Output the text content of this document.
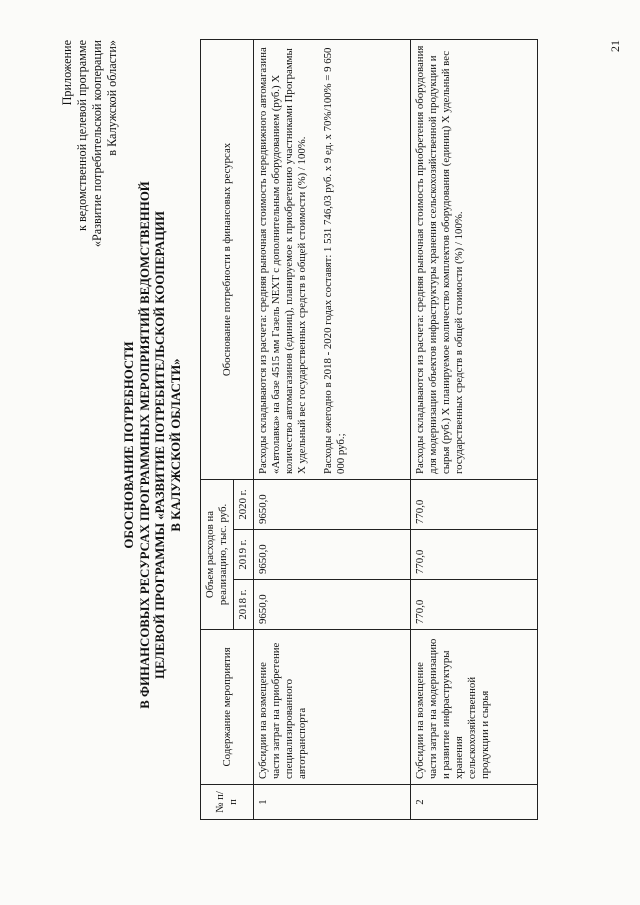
Приложение к ведомственной целевой программе «Развитие потребительской кооперации в Калужской области»
ОБОСНОВАНИЕ ПОТРЕБНОСТИ В ФИНАНСОВЫХ РЕСУРСАХ ПРОГРАММНЫХ МЕРОПРИЯТИЙ ВЕДОМСТВЕННОЙ ЦЕЛЕВОЙ ПРОГРАММЫ «РАЗВИТИЕ ПОТРЕБИТЕЛЬСКОЙ КООПЕРАЦИИ В КАЛУЖСКОЙ ОБЛАСТИ»
№ п/п	Содержание мероприятия	Объем расходов на реализацию, тыс. руб.			Обоснование потребности в финансовых ресурсах
		2018 г.	2019 г.	2020 г.	
1	Субсидии на возмещение части затрат на приобретение специализированного автотранспорта	9650,0	9650,0	9650,0	Расходы складываются из расчета: средняя рыночная стоимость передвижного автомагазина «Автолавка» на базе 4515 мм Газель NEXT с дополнительным оборудованием (руб.) Х количество автомагазинов (единиц), планируемое к приобретению участниками Программы Х удельный вес государственных средств в общей стоимости (%) / 100%. Расходы ежегодно в 2018 - 2020 годах составят: 1 531 746,03 руб. х 9 ед. х 70%/100% = 9 650 000 руб.;

2	Субсидии на возмещение части затрат на модернизацию и развитие инфраструктуры хранения сельскохозяйственной продукции и сырья	770,0	770,0	770,0	Расходы складываются из расчета: средняя рыночная стоимость приобретения оборудования для модернизации объектов инфраструктуры хранения сельскохозяйственной продукции и сырья (руб.) Х планируемое количество комплектов оборудования (единиц) Х удельный вес государственных средств в общей стоимости (%) / 100%.

21
